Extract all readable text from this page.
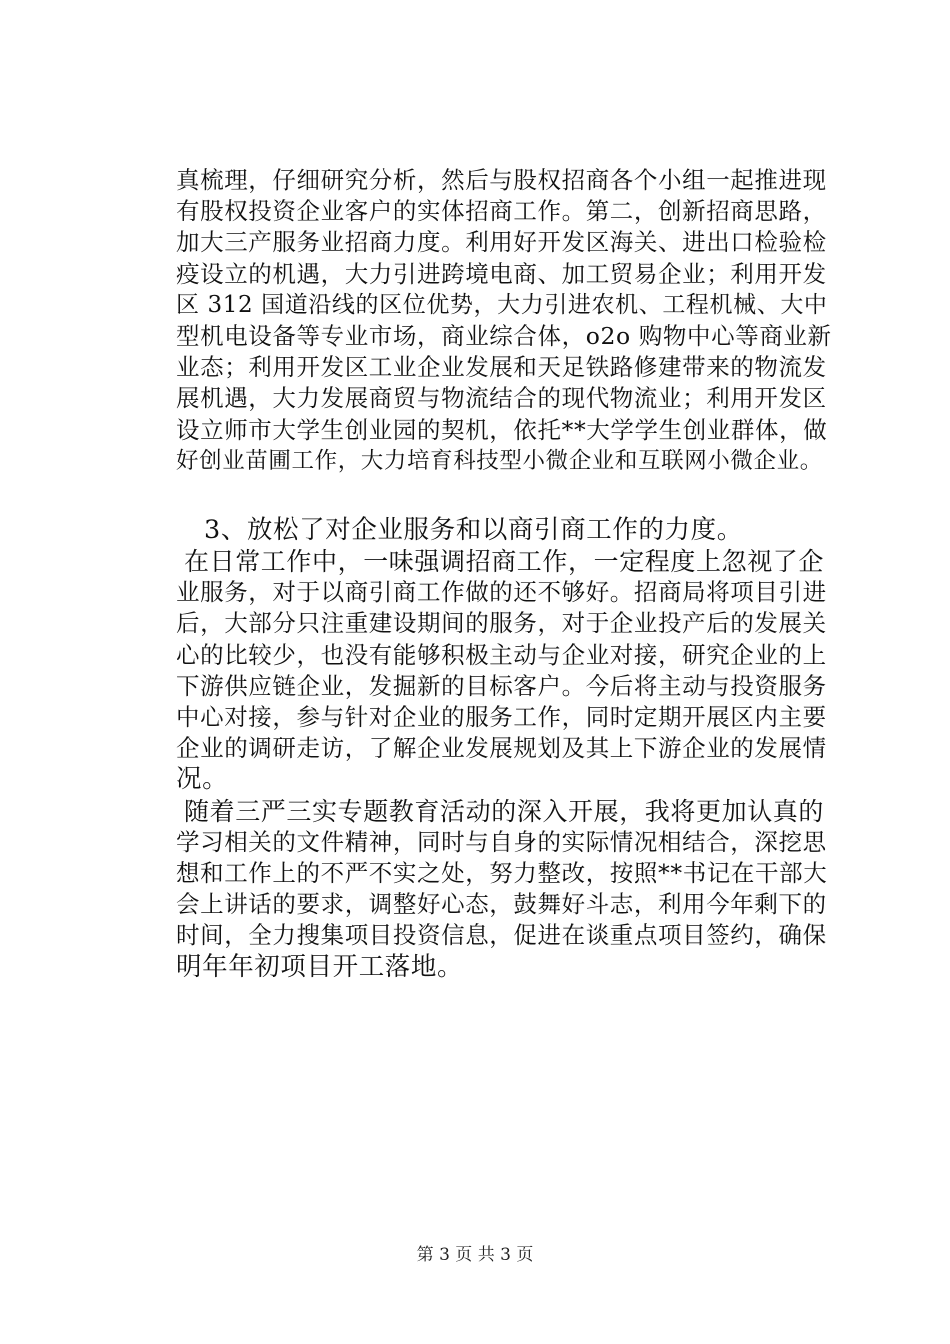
真梳理，仔细研究分析，然后与股权招商各个小组一起推进现
有股权投资企业客户的实体招商工作。第二，创新招商思路，
加大三产服务业招商力度。利用好开发区海关、进出口检验检
疫设立的机遇，大力引进跨境电商、加工贸易企业；利用开发
区 312 国道沿线的区位优势，大力引进农机、工程机械、大中
型机电设备等专业市场，商业综合体，o2o 购物中心等商业新
业态；利用开发区工业企业发展和天足铁路修建带来的物流发
展机遇，大力发展商贸与物流结合的现代物流业；利用开发区
设立师市大学生创业园的契机，依托**大学学生创业群体，做
好创业苗圃工作，大力培育科技型小微企业和互联网小微企业。
3、放松了对企业服务和以商引商工作的力度。
在日常工作中，一味强调招商工作，一定程度上忽视了企
业服务，对于以商引商工作做的还不够好。招商局将项目引进
后，大部分只注重建设期间的服务，对于企业投产后的发展关
心的比较少，也没有能够积极主动与企业对接，研究企业的上
下游供应链企业，发掘新的目标客户。今后将主动与投资服务
中心对接，参与针对企业的服务工作，同时定期开展区内主要
企业的调研走访，了解企业发展规划及其上下游企业的发展情
况。
随着三严三实专题教育活动的深入开展，我将更加认真的
学习相关的文件精神，同时与自身的实际情况相结合，深挖思
想和工作上的不严不实之处，努力整改，按照**书记在干部大
会上讲话的要求，调整好心态，鼓舞好斗志，利用今年剩下的
时间，全力搜集项目投资信息，促进在谈重点项目签约，确保
明年年初项目开工落地。
第 3 页 共 3 页
